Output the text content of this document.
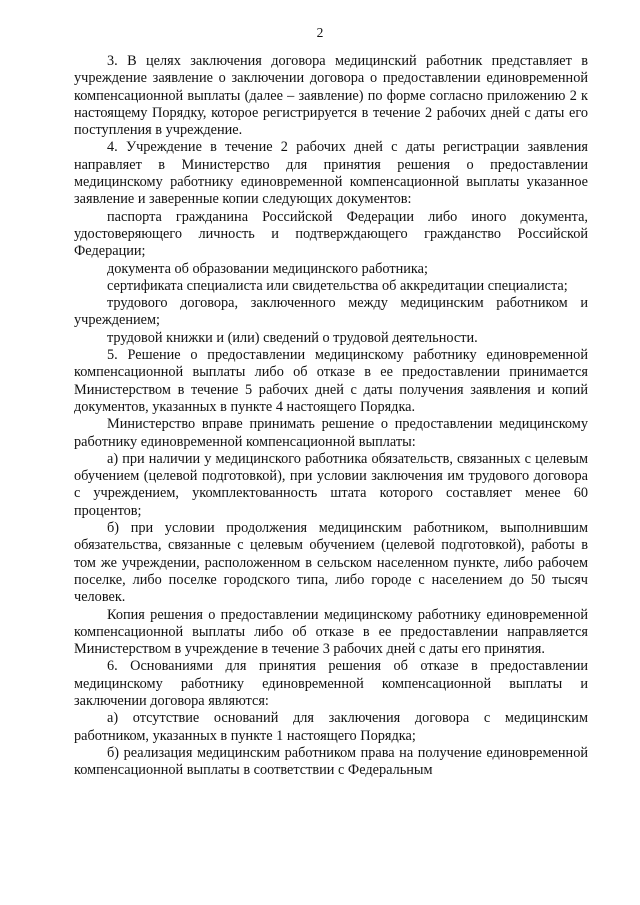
2

3. В целях заключения договора медицинский работник представляет в учреждение заявление о заключении договора о предоставлении единовременной компенсационной выплаты (далее – заявление) по форме согласно приложению 2 к настоящему Порядку, которое регистрируется в течение 2 рабочих дней с даты его поступления в учреждение.

4. Учреждение в течение 2 рабочих дней с даты регистрации заявления направляет в Министерство для принятия решения о предоставлении медицинскому работнику единовременной компенсационной выплаты указанное заявление и заверенные копии следующих документов:

паспорта гражданина Российской Федерации либо иного документа, удостоверяющего личность и подтверждающего гражданство Российской Федерации;

документа об образовании медицинского работника;

сертификата специалиста или свидетельства об аккредитации специалиста;

трудового договора, заключенного между медицинским работником и учреждением;

трудовой книжки и (или) сведений о трудовой деятельности.

5. Решение о предоставлении медицинскому работнику единовременной компенсационной выплаты либо об отказе в ее предоставлении принимается Министерством в течение 5 рабочих дней с даты получения заявления и копий документов, указанных в пункте 4 настоящего Порядка.

Министерство вправе принимать решение о предоставлении медицинскому работнику единовременной компенсационной выплаты:

а) при наличии у медицинского работника обязательств, связанных с целевым обучением (целевой подготовкой), при условии заключения им трудового договора с учреждением, укомплектованность штата которого составляет менее 60 процентов;

б) при условии продолжения медицинским работником, выполнившим обязательства, связанные с целевым обучением (целевой подготовкой), работы в том же учреждении, расположенном в сельском населенном пункте, либо рабочем поселке, либо поселке городского типа, либо городе с населением до 50 тысяч человек.

Копия решения о предоставлении медицинскому работнику единовременной компенсационной выплаты либо об отказе в ее предоставлении направляется Министерством в учреждение в течение 3 рабочих дней с даты его принятия.

6. Основаниями для принятия решения об отказе в предоставлении медицинскому работнику единовременной компенсационной выплаты и заключении договора являются:

а) отсутствие оснований для заключения договора с медицинским работником, указанных в пункте 1 настоящего Порядка;

б) реализация медицинским работником права на получение единовременной компенсационной выплаты в соответствии с Федеральным
